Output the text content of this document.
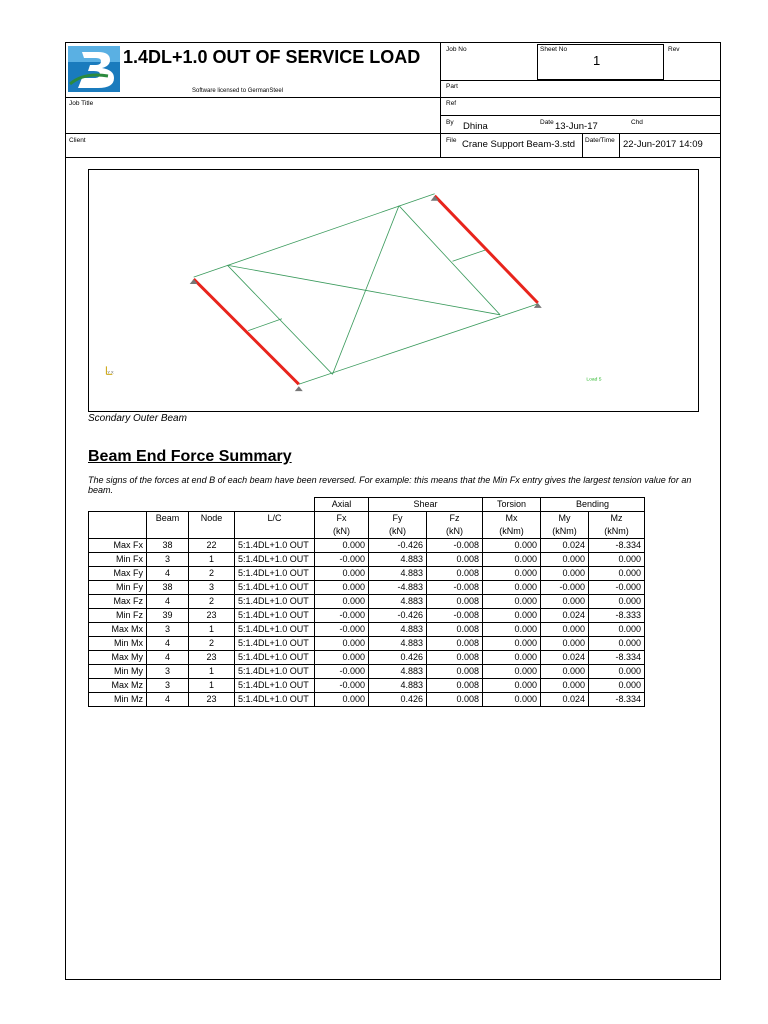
1.4DL+1.0 OUT OF SERVICE LOAD
Software licensed to GermanSteel
Job No	Sheet No
1
Rev
Part
Ref
By Dhina	Date 13-Jun-17	Chd
File Crane Support Beam-3.std	Date/Time 22-Jun-2017 14:09
Job Title
Client
Y X
Load 5
Scondary Outer Beam
Beam End Force Summary
The signs of the forces at end B of each beam have been reversed. For example: this means that the Min Fx entry gives the largest tension value for an beam.
				Axial	Shear		Torsion	Bending	
	Beam	Node	L/C	Fx	Fy	Fz	Mx	My	Mz
				(kN)	(kN)	(kN)	(kNm)	(kNm)	(kNm)
Max Fx	38	22	5:1.4DL+1.0 OUT	0.000	-0.426	-0.008	0.000	0.024	-8.334
Min Fx	3	1	5:1.4DL+1.0 OUT	-0.000	4.883	0.008	0.000	0.000	0.000
Max Fy	4	2	5:1.4DL+1.0 OUT	0.000	4.883	0.008	0.000	0.000	0.000
Min Fy	38	3	5:1.4DL+1.0 OUT	0.000	-4.883	-0.008	0.000	-0.000	-0.000
Max Fz	4	2	5:1.4DL+1.0 OUT	0.000	4.883	0.008	0.000	0.000	0.000
Min Fz	39	23	5:1.4DL+1.0 OUT	-0.000	-0.426	-0.008	0.000	0.024	-8.333
Max Mx	3	1	5:1.4DL+1.0 OUT	-0.000	4.883	0.008	0.000	0.000	0.000
Min Mx	4	2	5:1.4DL+1.0 OUT	0.000	4.883	0.008	0.000	0.000	0.000
Max My	4	23	5:1.4DL+1.0 OUT	0.000	0.426	0.008	0.000	0.024	-8.334
Min My	3	1	5:1.4DL+1.0 OUT	-0.000	4.883	0.008	0.000	0.000	0.000
Max Mz	3	1	5:1.4DL+1.0 OUT	-0.000	4.883	0.008	0.000	0.000	0.000
Min Mz	4	23	5:1.4DL+1.0 OUT	0.000	0.426	0.008	0.000	0.024	-8.334
